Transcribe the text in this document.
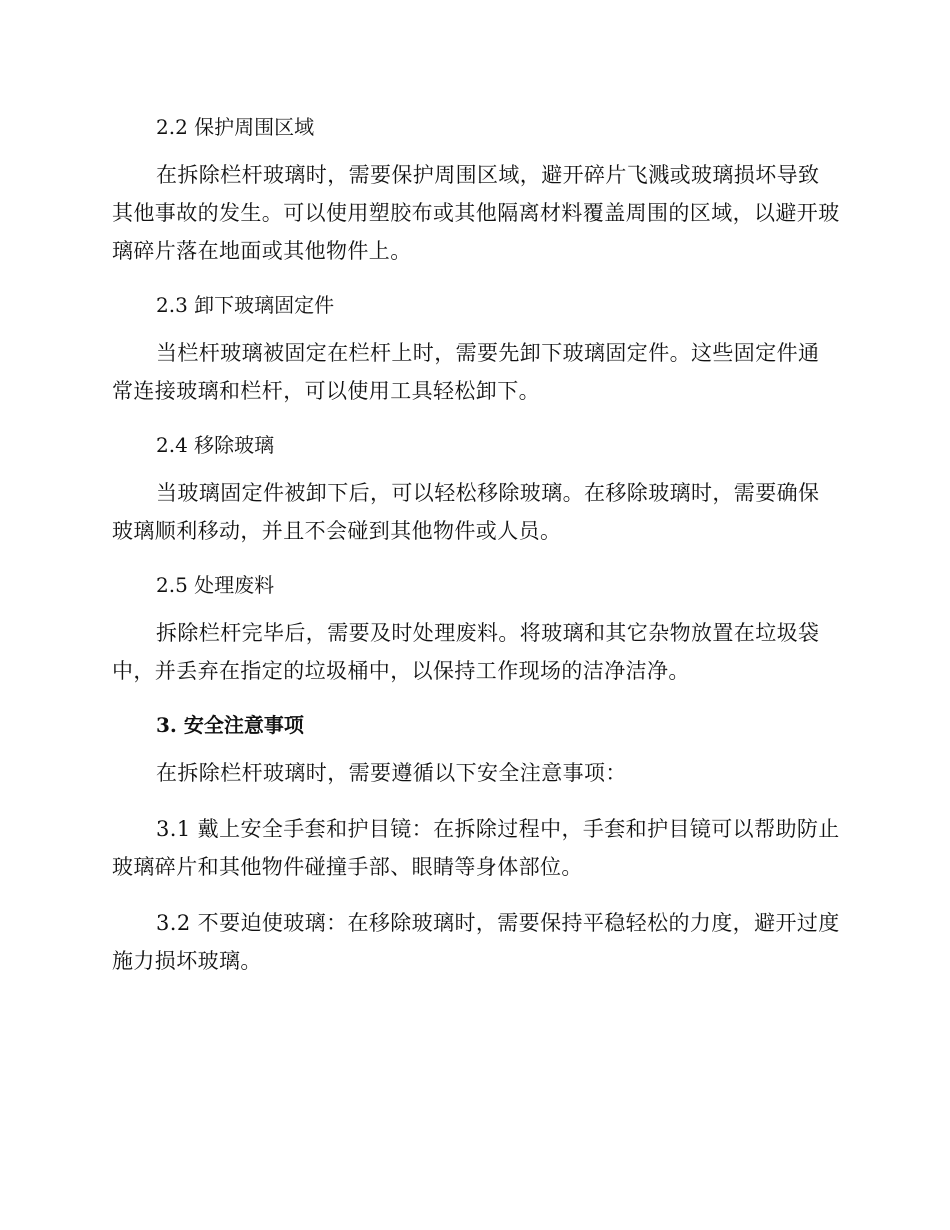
2.2 保护周围区域

在拆除栏杆玻璃时，需要保护周围区域，避开碎片飞溅或玻璃损坏导致其他事故的发生。可以使用塑胶布或其他隔离材料覆盖周围的区域，以避开玻璃碎片落在地面或其他物件上。

2.3 卸下玻璃固定件

当栏杆玻璃被固定在栏杆上时，需要先卸下玻璃固定件。这些固定件通常连接玻璃和栏杆，可以使用工具轻松卸下。

2.4 移除玻璃

当玻璃固定件被卸下后，可以轻松移除玻璃。在移除玻璃时，需要确保玻璃顺利移动，并且不会碰到其他物件或人员。

2.5 处理废料

拆除栏杆完毕后，需要及时处理废料。将玻璃和其它杂物放置在垃圾袋中，并丢弃在指定的垃圾桶中，以保持工作现场的洁净洁净。

3. 安全注意事项

在拆除栏杆玻璃时，需要遵循以下安全注意事项：

3.1 戴上安全手套和护目镜：在拆除过程中，手套和护目镜可以帮助防止玻璃碎片和其他物件碰撞手部、眼睛等身体部位。

3.2 不要迫使玻璃：在移除玻璃时，需要保持平稳轻松的力度，避开过度施力损坏玻璃。
